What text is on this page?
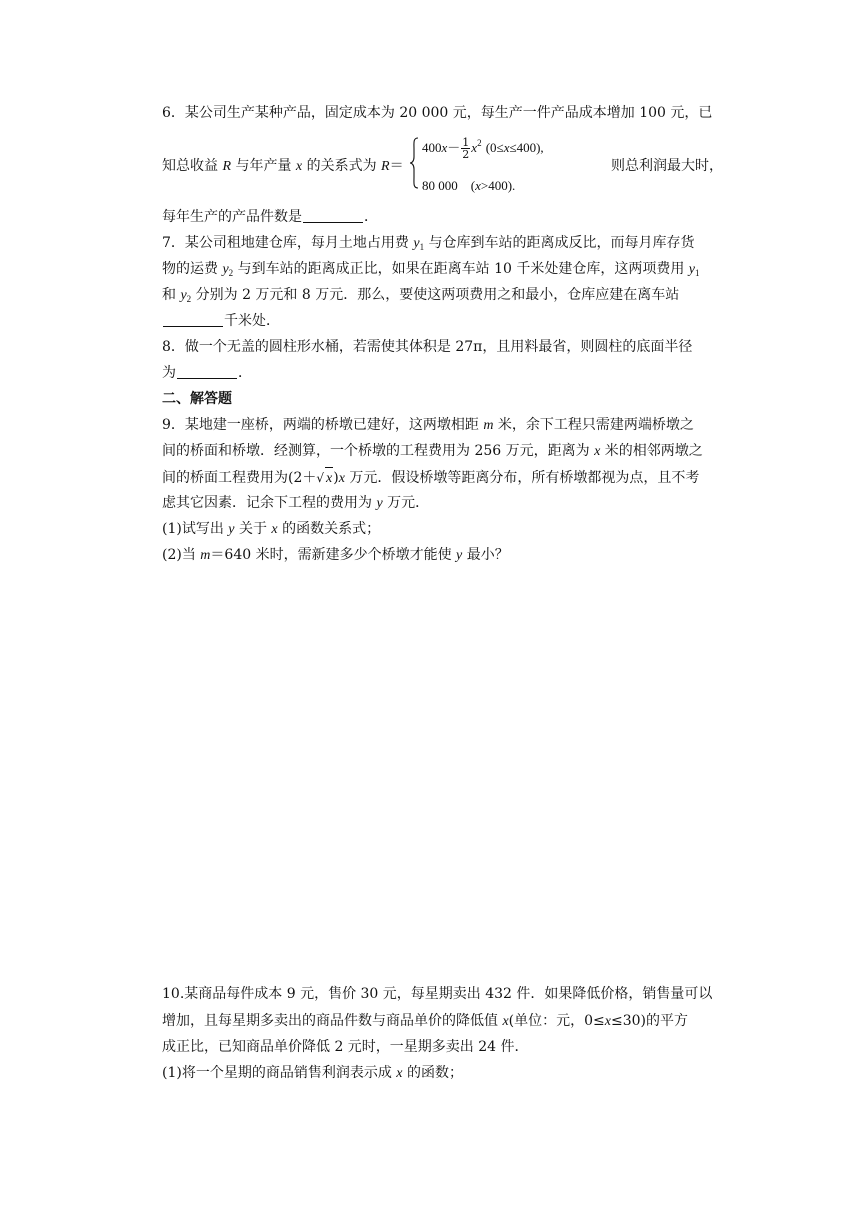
6．某公司生产某种产品，固定成本为 20 000 元，每生产一件产品成本增加 100 元，已
知总收益 R 与年产量 x 的关系式为 R＝
$400x- \frac{1}{2} x^2$ (0≤x≤400),
80 000　(x>400).
则总利润最大时，
每年生产的产品件数是	．
7．某公司租地建仓库，每月土地占用费 $y_1$ 与仓库到车站的距离成反比，而每月库存货
物的运费 $y_2$ 与到车站的距离成正比，如果在距离车站 10 千米处建仓库，这两项费用 $y_1$
和 $y_2$ 分别为 2 万元和 8 万元．那么，要使这两项费用之和最小，仓库应建在离车站
千米处．
8．做一个无盖的圆柱形水桶，若需使其体积是 27π，且用料最省，则圆柱的底面半径
为	．
二、解答题
9．某地建一座桥，两端的桥墩已建好，这两墩相距 m 米，余下工程只需建两端桥墩之
间的桥面和桥墩．经测算，一个桥墩的工程费用为 256 万元，距离为 x 米的相邻两墩之
间的桥面工程费用为(2＋√ x)x 万元．假设桥墩等距离分布，所有桥墩都视为点，且不考
虑其它因素．记余下工程的费用为 y 万元．
(1)试写出 y 关于 x 的函数关系式；
(2)当 m＝640 米时，需新建多少个桥墩才能使 y 最小？
10.某商品每件成本 9 元，售价 30 元，每星期卖出 432 件．如果降低价格，销售量可以
增加，且每星期多卖出的商品件数与商品单价的降低值 x(单位：元，0≤x≤30)的平方
成正比，已知商品单价降低 2 元时，一星期多卖出 24 件．
(1)将一个星期的商品销售利润表示成 x 的函数；
